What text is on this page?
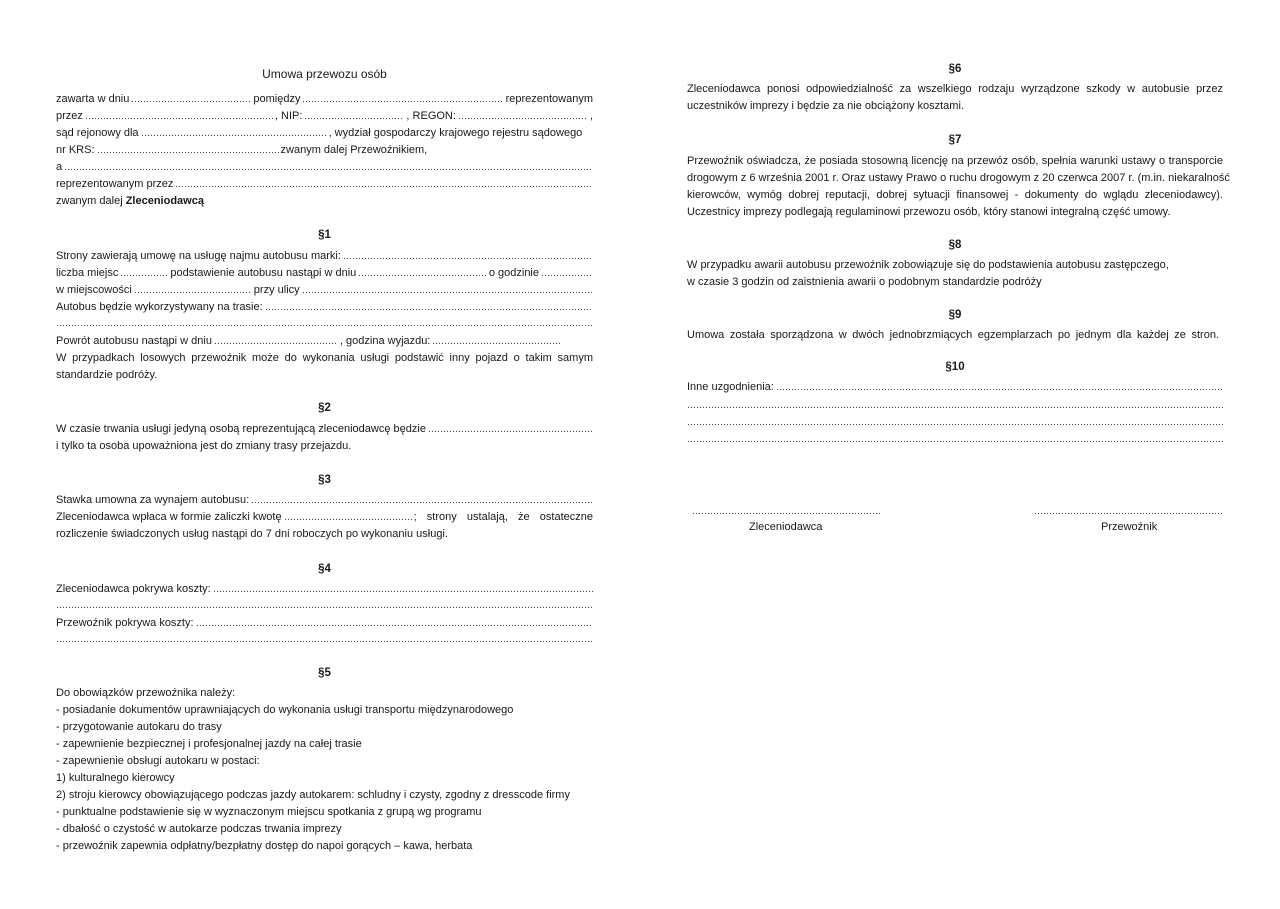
Umowa przewozu osób
zawarta w dniu	pomiędzy	reprezentowanym
przez	, NIP:	, REGON:	,
sąd rejonowy dla	, wydział gospodarczy krajowego rejestru sądowego
nr KRS:	zwanym dalej Przewoźnikiem,
a
reprezentowanym przez
zwanym dalej Zleceniodawcą
§1
Strony zawierają umowę na usługę najmu autobusu marki:
liczba miejsc	podstawienie autobusu nastąpi w dniu	o godzinie
w miejscowości	przy ulicy
Autobus będzie wykorzystywany na trasie:
Powrót autobusu nastąpi w dniu	, godzina wyjazdu:
W przypadkach losowych przewoźnik może do wykonania usługi podstawić inny pojazd o takim samym
standardzie podróży.
§2
W czasie trwania usługi jedyną osobą reprezentującą zleceniodawcę będzie
i tylko ta osoba upoważniona jest do zmiany trasy przejazdu.
§3
Stawka umowna za wynajem autobusu:
Zleceniodawca wpłaca w formie zaliczki kwotę	; strony ustalają, że ostateczne
rozliczenie świadczonych usług nastąpi do 7 dni roboczych po wykonaniu usługi.
§4
Zleceniodawca pokrywa koszty:
Przewoźnik pokrywa koszty:
§5
Do obowiązków przewoźnika należy:
- posiadanie dokumentów uprawniających do wykonania usługi transportu międzynarodowego
- przygotowanie autokaru do trasy
- zapewnienie bezpiecznej i profesjonalnej jazdy na całej trasie
- zapewnienie obsługi autokaru w postaci:
1) kulturalnego kierowcy
2) stroju kierowcy obowiązującego podczas jazdy autokarem: schludny i czysty, zgodny z dresscode firmy
- punktualne podstawienie się w wyznaczonym miejscu spotkania z grupą wg programu
- dbałość o czystość w autokarze podczas trwania imprezy
- przewoźnik zapewnia odpłatny/bezpłatny dostęp do napoi gorących – kawa, herbata
§6
Zleceniodawca ponosi odpowiedzialność za wszelkiego rodzaju wyrządzone szkody w autobusie przez
uczestników imprezy i będzie za nie obciążony kosztami.
§7
Przewoźnik oświadcza, że posiada stosowną licencję na przewóz osób, spełnia warunki ustawy o transporcie
drogowym z 6 września 2001 r. Oraz ustawy Prawo o ruchu drogowym z 20 czerwca 2007 r. (m.in. niekaralność
kierowców, wymóg dobrej reputacji, dobrej sytuacji finansowej - dokumenty do wglądu zleceniodawcy).
Uczestnicy imprezy podlegają regulaminowi przewozu osób, który stanowi integralną część umowy.
§8
W przypadku awarii autobusu przewoźnik zobowiązuje się do podstawienia autobusu zastępczego,
w czasie 3 godzin od zaistnienia awarii o podobnym standardzie podróży
§9
Umowa została sporządzona w dwóch jednobrzmiących egzemplarzach po jednym dla każdej ze stron.
§10
Inne uzgodnienia:
Zleceniodawca	Przewoźnik
